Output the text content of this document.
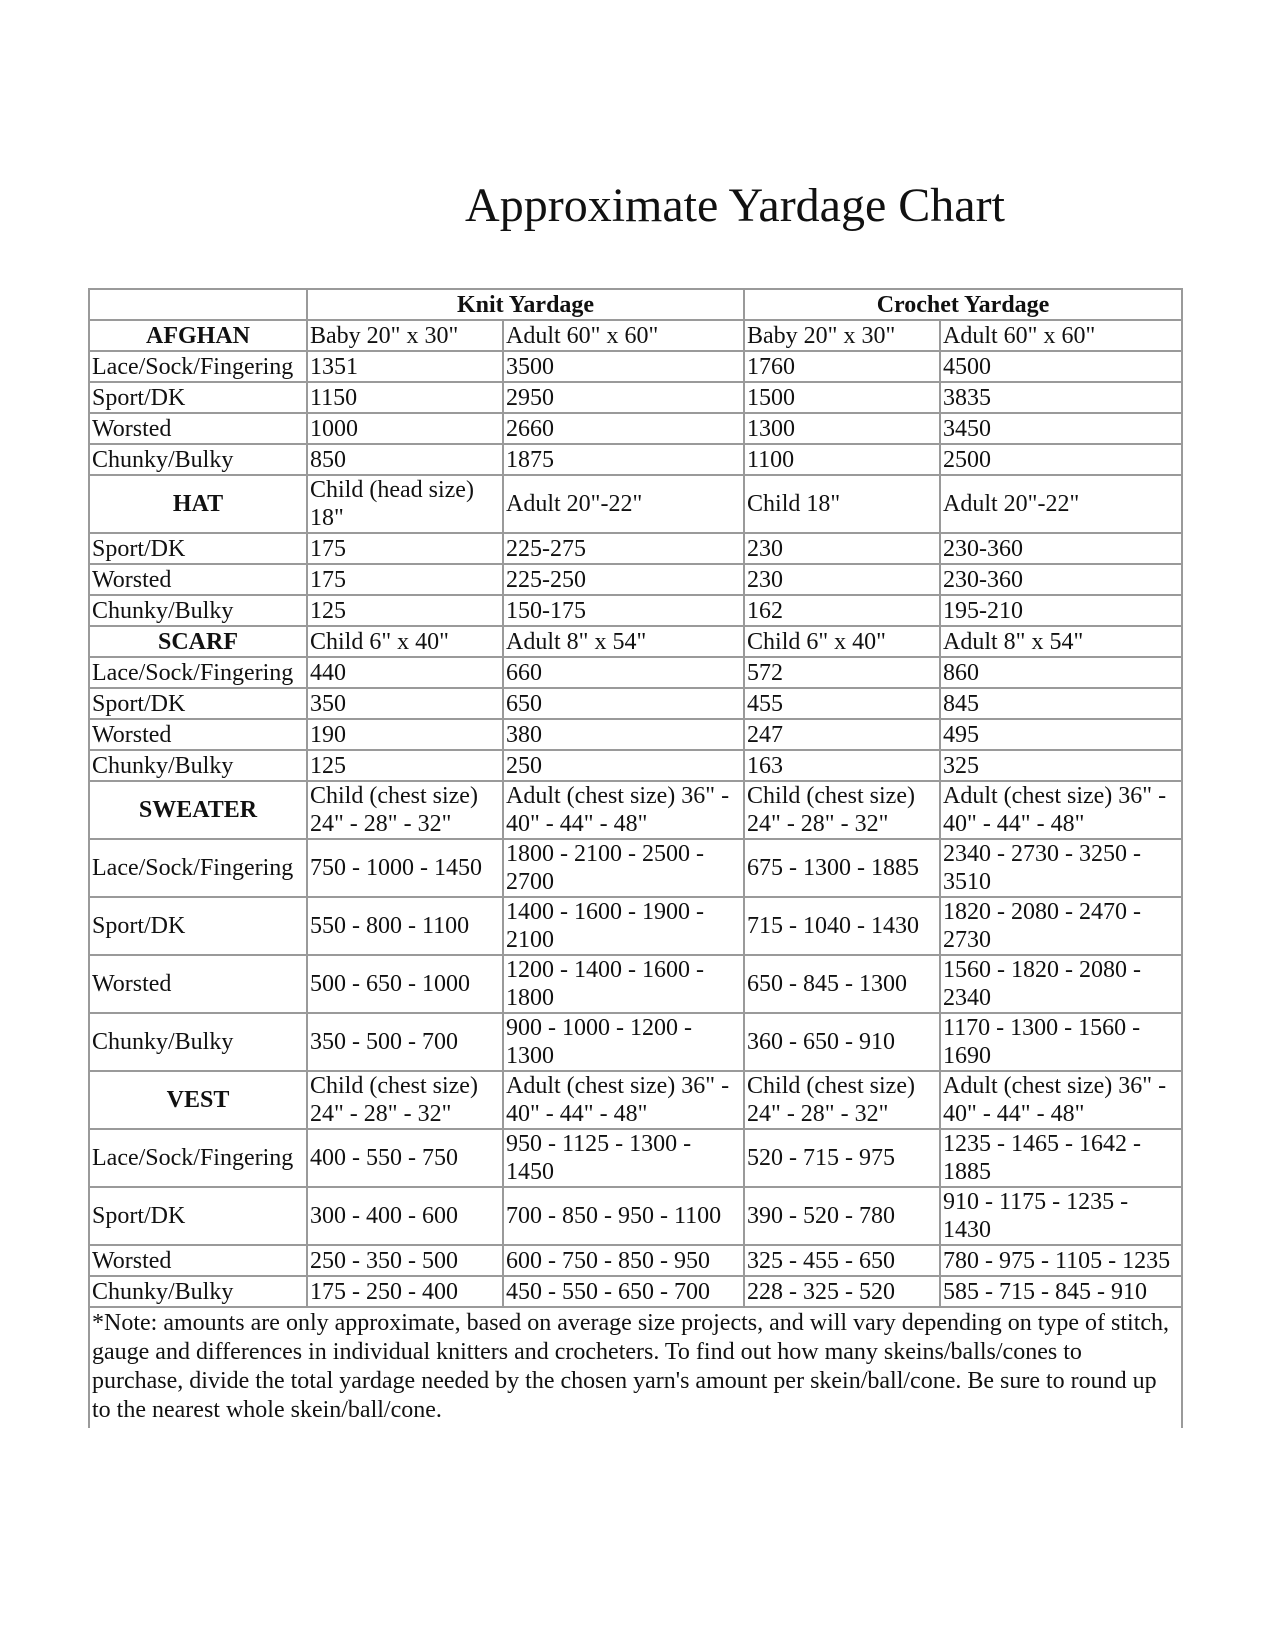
Approximate Yardage Chart
	Knit Yardage		Crochet Yardage	
AFGHAN	Baby 20" x 30"	Adult 60" x 60"	Baby 20" x 30"	Adult 60" x 60"
Lace/Sock/Fingering	1351	3500	1760	4500
Sport/DK	1150	2950	1500	3835
Worsted	1000	2660	1300	3450
Chunky/Bulky	850	1875	1100	2500
HAT	Child (head size) 18"	Adult 20"-22"	Child 18"	Adult 20"-22"
Sport/DK	175	225-275	230	230-360
Worsted	175	225-250	230	230-360
Chunky/Bulky	125	150-175	162	195-210
SCARF	Child 6" x 40"	Adult 8" x 54"	Child 6" x 40"	Adult 8" x 54"
Lace/Sock/Fingering	440	660	572	860
Sport/DK	350	650	455	845
Worsted	190	380	247	495
Chunky/Bulky	125	250	163	325
SWEATER	Child (chest size) 24" - 28" - 32"	Adult (chest size) 36" - 40" - 44" - 48"	Child (chest size) 24" - 28" - 32"	Adult (chest size) 36" - 40" - 44" - 48"
Lace/Sock/Fingering	750 - 1000 - 1450	1800 - 2100 - 2500 - 2700	675 - 1300 - 1885	2340 - 2730 - 3250 - 3510
Sport/DK	550 - 800 - 1100	1400 - 1600 - 1900 - 2100	715 - 1040 - 1430	1820 - 2080 - 2470 - 2730
Worsted	500 - 650 - 1000	1200 - 1400 - 1600 - 1800	650 - 845 - 1300	1560 - 1820 - 2080 - 2340
Chunky/Bulky	350 - 500 - 700	900 - 1000 - 1200 - 1300	360 - 650 - 910	1170 - 1300 - 1560 - 1690
VEST	Child (chest size) 24" - 28" - 32"	Adult (chest size) 36" - 40" - 44" - 48"	Child (chest size) 24" - 28" - 32"	Adult (chest size) 36" - 40" - 44" - 48"
Lace/Sock/Fingering	400 - 550 - 750	950 - 1125 - 1300 - 1450	520 - 715 - 975	1235 - 1465 - 1642 - 1885
Sport/DK	300 - 400 - 600	700 - 850 - 950 - 1100	390 - 520 - 780	910 - 1175 - 1235 - 1430
Worsted	250 - 350 - 500	600 - 750 - 850 - 950	325 - 455 - 650	780 - 975 - 1105 - 1235
Chunky/Bulky	175 - 250 - 400	450 - 550 - 650 - 700	228 - 325 - 520	585 - 715 - 845 - 910
*Note: amounts are only approximate, based on average size projects, and will vary depending on type of stitch, gauge and differences in individual knitters and crocheters. To find out how many skeins/balls/cones to purchase, divide the total yardage needed by the chosen yarn's amount per skein/ball/cone. Be sure to round up to the nearest whole skein/ball/cone.				
